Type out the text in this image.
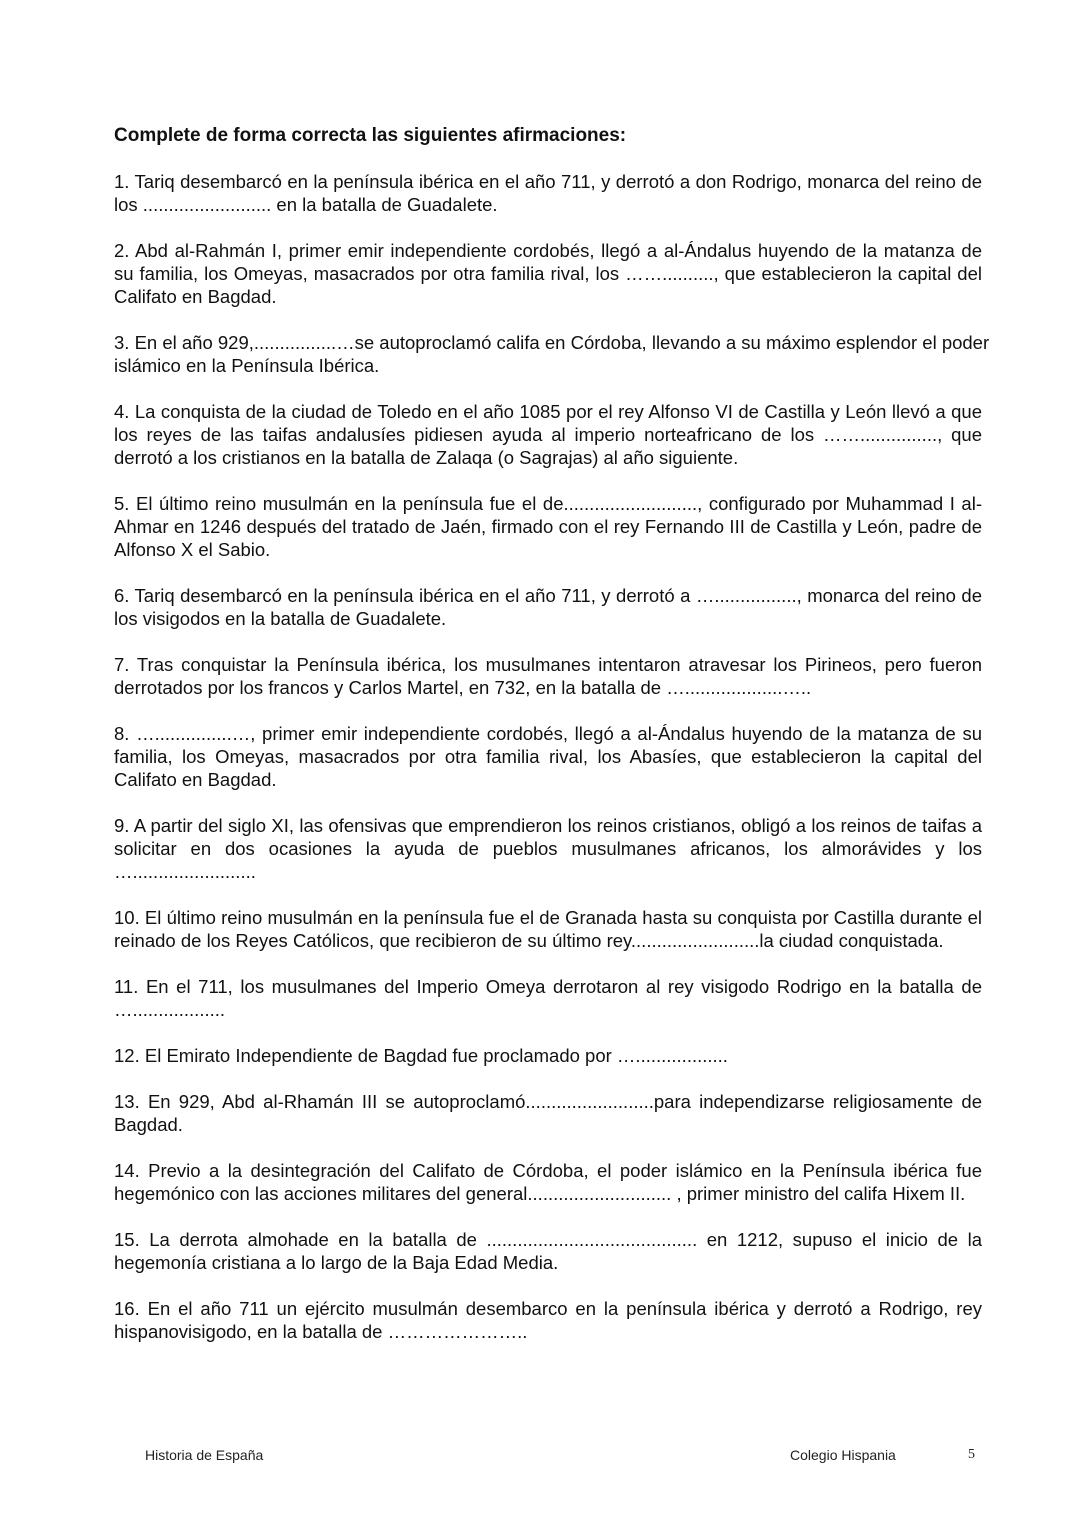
Complete de forma correcta las siguientes afirmaciones:

1. Tariq desembarcó en la península ibérica en el año 711, y derrotó a don Rodrigo, monarca del reino de los ......................... en la batalla de Guadalete.

2. Abd al-Rahmán I, primer emir independiente cordobés, llegó a al-Ándalus huyendo de la matanza de su familia, los Omeyas, masacrados por otra familia rival, los …….........., que establecieron la capital del Califato en Bagdad.

3. En el año 929,................…se autoproclamó califa en Córdoba, llevando a su máximo esplendor el poder islámico en la Península Ibérica.

4. La conquista de la ciudad de Toledo en el año 1085 por el rey Alfonso VI de Castilla y León llevó a que los reyes de las taifas andalusíes pidiesen ayuda al imperio norteafricano de los ……..............., que derrotó a los cristianos en la batalla de Zalaqa (o Sagrajas) al año siguiente.

5. El último reino musulmán en la península fue el de.........................., configurado por Muhammad I al-Ahmar en 1246 después del tratado de Jaén, firmado con el rey Fernando III de Castilla y León, padre de Alfonso X el Sabio.

6. Tariq desembarcó en la península ibérica en el año 711, y derrotó a …................, monarca del reino de los visigodos en la batalla de Guadalete.

7. Tras conquistar la Península ibérica, los musulmanes intentaron atravesar los Pirineos, pero fueron derrotados por los francos y Carlos Martel, en 732, en la batalla de …...................…..

8. …...............…, primer emir independiente cordobés, llegó a al-Ándalus huyendo de la matanza de su familia, los Omeyas, masacrados por otra familia rival, los Abasíes, que establecieron la capital del Califato en Bagdad.

9. A partir del siglo XI, las ofensivas que emprendieron los reinos cristianos, obligó a los reinos de taifas a solicitar en dos ocasiones la ayuda de pueblos musulmanes africanos, los almorávides y los …........................

10. El último reino musulmán en la península fue el de Granada hasta su conquista por Castilla durante el reinado de los Reyes Católicos, que recibieron de su último rey.........................la ciudad conquistada.

11. En el 711, los musulmanes del Imperio Omeya derrotaron al rey visigodo Rodrigo en la batalla de …..................

12. El Emirato Independiente de Bagdad fue proclamado por …..................

13. En 929, Abd al-Rhamán III se autoproclamó.........................para independizarse religiosamente de Bagdad.

14. Previo a la desintegración del Califato de Córdoba, el poder islámico en la Península ibérica fue hegemónico con las acciones militares del general............................ , primer ministro del califa Hixem II.

15. La derrota almohade en la batalla de ......................................... en 1212, supuso el inicio de la hegemonía cristiana a lo largo de la Baja Edad Media.

16. En el año 711 un ejército musulmán desembarco en la península ibérica y derrotó a Rodrigo, rey hispanovisigodo, en la batalla de …………………..

Historia de España	Colegio Hispania	5
